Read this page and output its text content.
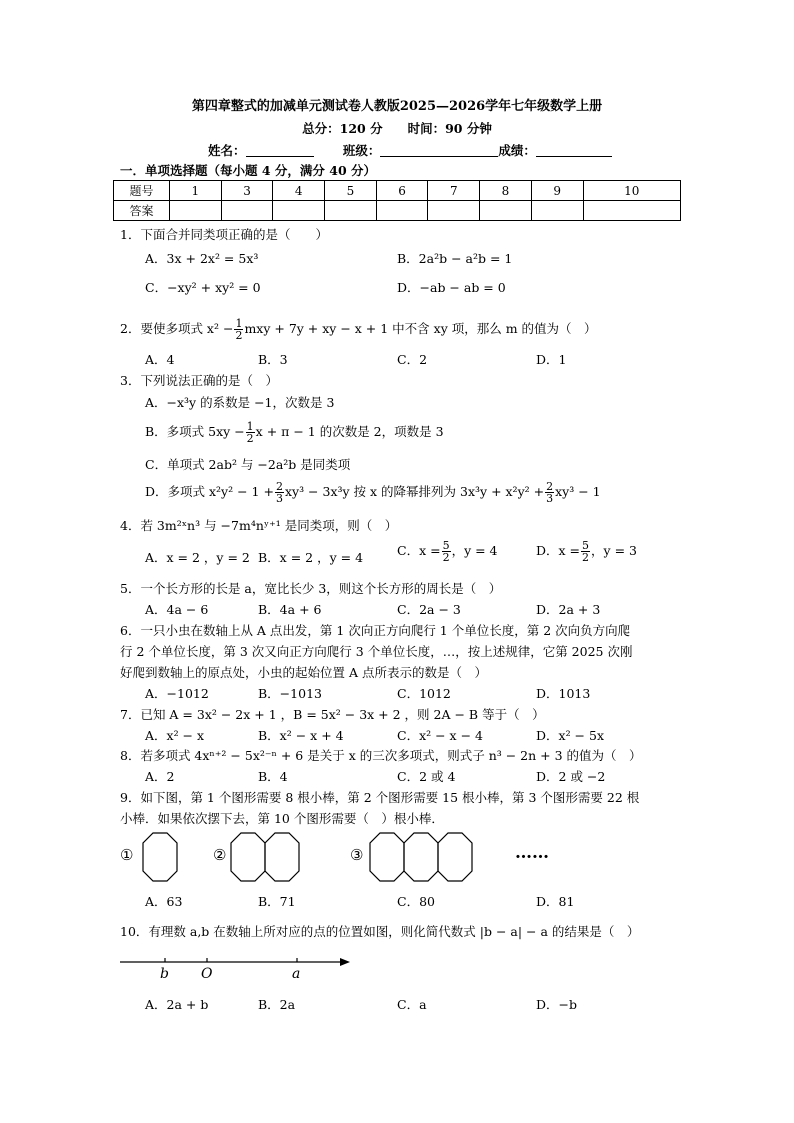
第四章整式的加减单元测试卷人教版2025—2026学年七年级数学上册
总分：120 分　　时间：90 分钟
姓名： 　　	班级：	成绩：
一．单项选择题（每小题 4 分，满分 40 分）
题号	1	3	4	5	6	7	8	9	10
答案									
1．下面合并同类项正确的是（　　）
A．3x + 2x² = 5x³	B．2a²b − a²b = 1
C．−xy² + xy² = 0	D．−ab − ab = 0
2．要使多项式 $x^2 - \frac{1}{2}$ mxy + 7y + xy − x + 1 中不含 xy 项，那么 m 的值为（　）
A．4	B．3	C．2	D．1
3．下列说法正确的是（　）
A．−x³y 的系数是 −1，次数是 3
B．多项式 $5xy - \frac{1}{2}$ x + π − 1 的次数是 2，项数是 3
C．单项式 2ab² 与 −2a²b 是同类项
D．多项式 $x^2y^2 - 1 + \frac{2}{3} xy^3 - 3x^3y$ 按 x 的降幂排列为 $3x^3y + x^2y^2 + \frac{2}{3} xy^3 - 1$
4．若 3m²ˣn³ 与 −7m⁴nʸ⁺¹ 是同类项，则（　）
A．x = 2 ，y = 2 B．x = 2 ，y = 4	C．$x = \frac{5}{2}$ ，y = 4	D．$x = \frac{5}{2}$ ，y = 3
5．一个长方形的长是 a，宽比长少 3，则这个长方形的周长是（　）
A．4a − 6	B．4a + 6	C．2a − 3	D．2a + 3
6．一只小虫在数轴上从 A 点出发，第 1 次向正方向爬行 1 个单位长度，第 2 次向负方向爬
行 2 个单位长度，第 3 次又向正方向爬行 3 个单位长度，…，按上述规律，它第 2025 次刚
好爬到数轴上的原点处，小虫的起始位置 A 点所表示的数是（　）
A．−1012	B．−1013	C．1012	D．1013
7．已知 A = 3x² − 2x + 1 ，B = 5x² − 3x + 2 ，则 2A − B 等于（　）
A．x² − x	B．x² − x + 4	C．x² − x − 4	D．x² − 5x
8．若多项式 4xⁿ⁺² − 5x²⁻ⁿ + 6 是关于 x 的三次多项式，则式子 n³ − 2n + 3 的值为（　）
A．2	B．4	C．2 或 4	D．2 或 −2
9．如下图，第 1 个图形需要 8 根小棒，第 2 个图形需要 15 根小棒，第 3 个图形需要 22 根
小棒．如果依次摆下去，第 10 个图形需要（　）根小棒．
①	②	③	……
A．63	B．71	C．80	D．81
10．有理数 a,b 在数轴上所对应的点的位置如图，则化简代数式 |b − a| − a 的结果是（　）
b O	a
A．2a + b	B．2a	C．a	D．−b
